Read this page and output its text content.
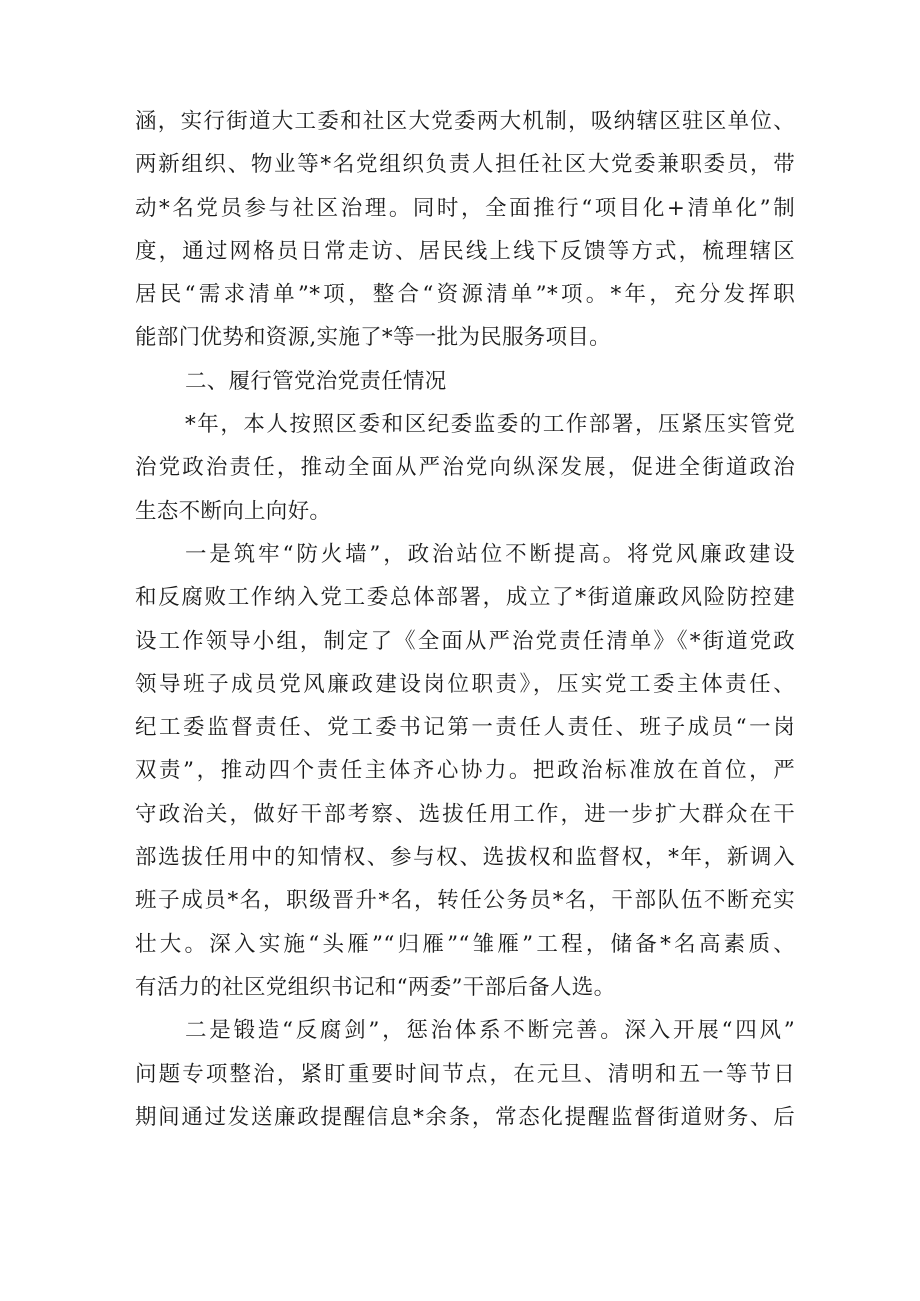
涵，实行街道大工委和社区大党委两大机制，吸纳辖区驻区单位、
两新组织、物业等*名党组织负责人担任社区大党委兼职委员，带
动*名党员参与社区治理。同时，全面推行“项目化+清单化”制
度，通过网格员日常走访、居民线上线下反馈等方式，梳理辖区
居民“需求清单”*项，整合“资源清单”*项。*年，充分发挥职
能部门优势和资源,实施了*等一批为民服务项目。
二、履行管党治党责任情况
*年，本人按照区委和区纪委监委的工作部署，压紧压实管党
治党政治责任，推动全面从严治党向纵深发展，促进全街道政治
生态不断向上向好。
一是筑牢“防火墙”，政治站位不断提高。将党风廉政建设
和反腐败工作纳入党工委总体部署，成立了*街道廉政风险防控建
设工作领导小组，制定了《全面从严治党责任清单》《*街道党政
领导班子成员党风廉政建设岗位职责》，压实党工委主体责任、
纪工委监督责任、党工委书记第一责任人责任、班子成员“一岗
双责”，推动四个责任主体齐心协力。把政治标准放在首位，严
守政治关，做好干部考察、选拔任用工作，进一步扩大群众在干
部选拔任用中的知情权、参与权、选拔权和监督权，*年，新调入
班子成员*名，职级晋升*名，转任公务员*名，干部队伍不断充实
壮大。深入实施“头雁”“归雁”“雏雁”工程，储备*名高素质、
有活力的社区党组织书记和“两委”干部后备人选。
二是锻造“反腐剑”，惩治体系不断完善。深入开展“四风”
问题专项整治，紧盯重要时间节点，在元旦、清明和五一等节日
期间通过发送廉政提醒信息*余条，常态化提醒监督街道财务、后
